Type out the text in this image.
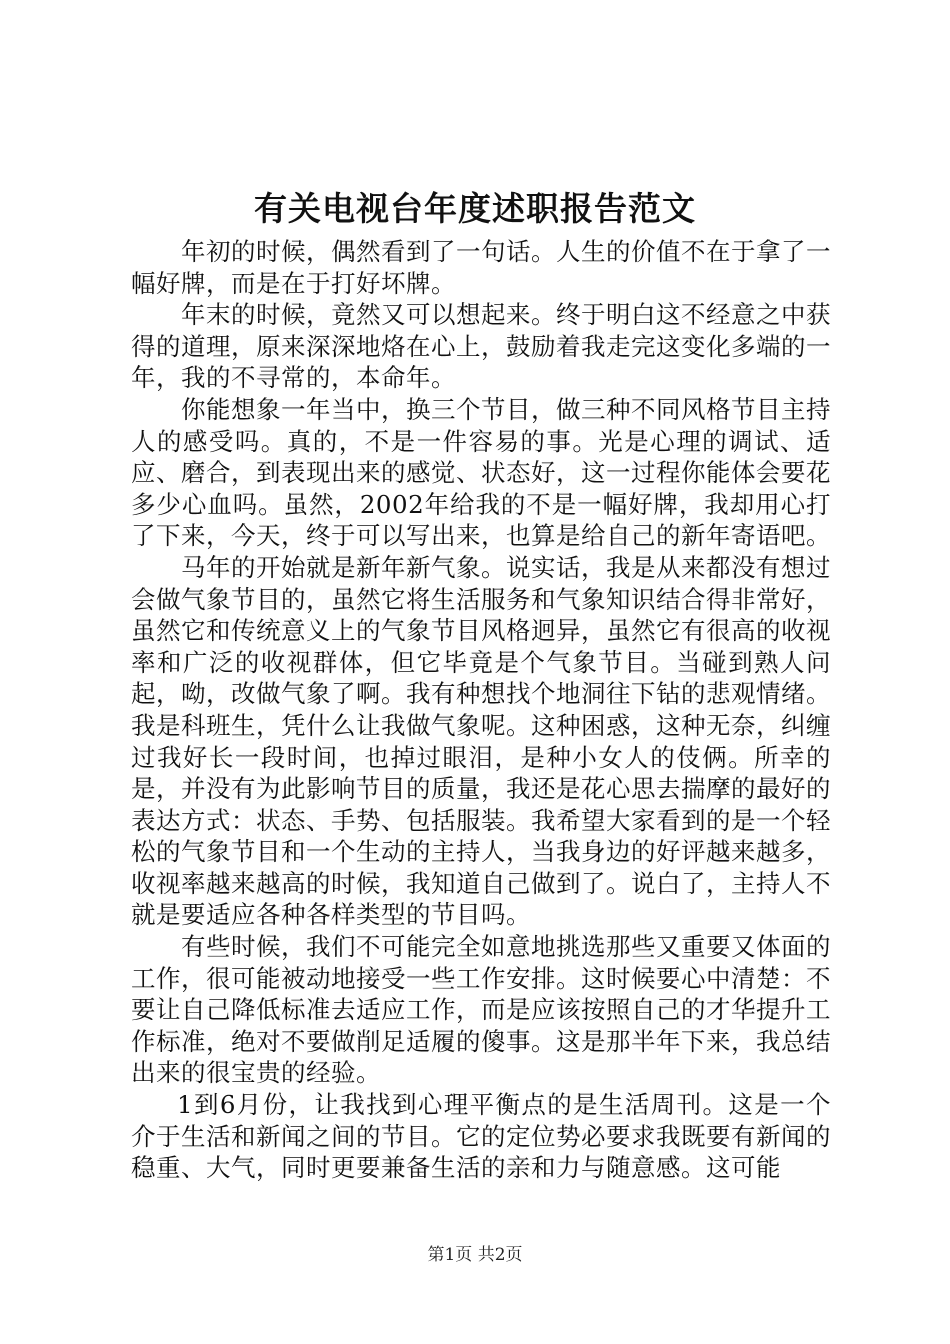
有关电视台年度述职报告范文

年初的时候，偶然看到了一句话。人生的价值不在于拿了一幅好牌，而是在于打好坏牌。

年末的时候，竟然又可以想起来。终于明白这不经意之中获得的道理，原来深深地烙在心上，鼓励着我走完这变化多端的一年，我的不寻常的，本命年。

你能想象一年当中，换三个节目，做三种不同风格节目主持人的感受吗。真的，不是一件容易的事。光是心理的调试、适应、磨合，到表现出来的感觉、状态好，这一过程你能体会要花多少心血吗。虽然，2002年给我的不是一幅好牌，我却用心打了下来，今天，终于可以写出来，也算是给自己的新年寄语吧。

马年的开始就是新年新气象。说实话，我是从来都没有想过会做气象节目的，虽然它将生活服务和气象知识结合得非常好，虽然它和传统意义上的气象节目风格迥异，虽然它有很高的收视率和广泛的收视群体，但它毕竟是个气象节目。当碰到熟人问起，呦，改做气象了啊。我有种想找个地洞往下钻的悲观情绪。我是科班生，凭什么让我做气象呢。这种困惑，这种无奈，纠缠过我好长一段时间，也掉过眼泪，是种小女人的伎俩。所幸的是，并没有为此影响节目的质量，我还是花心思去揣摩的最好的表达方式：状态、手势、包括服装。我希望大家看到的是一个轻松的气象节目和一个生动的主持人，当我身边的好评越来越多，收视率越来越高的时候，我知道自己做到了。说白了，主持人不就是要适应各种各样类型的节目吗。

有些时候，我们不可能完全如意地挑选那些又重要又体面的工作，很可能被动地接受一些工作安排。这时候要心中清楚：不要让自己降低标准去适应工作，而是应该按照自己的才华提升工作标准，绝对不要做削足适履的傻事。这是那半年下来，我总结出来的很宝贵的经验。

1到6月份，让我找到心理平衡点的是生活周刊。这是一个介于生活和新闻之间的节目。它的定位势必要求我既要有新闻的稳重、大气，同时更要兼备生活的亲和力与随意感。这可能

第1页 共2页
